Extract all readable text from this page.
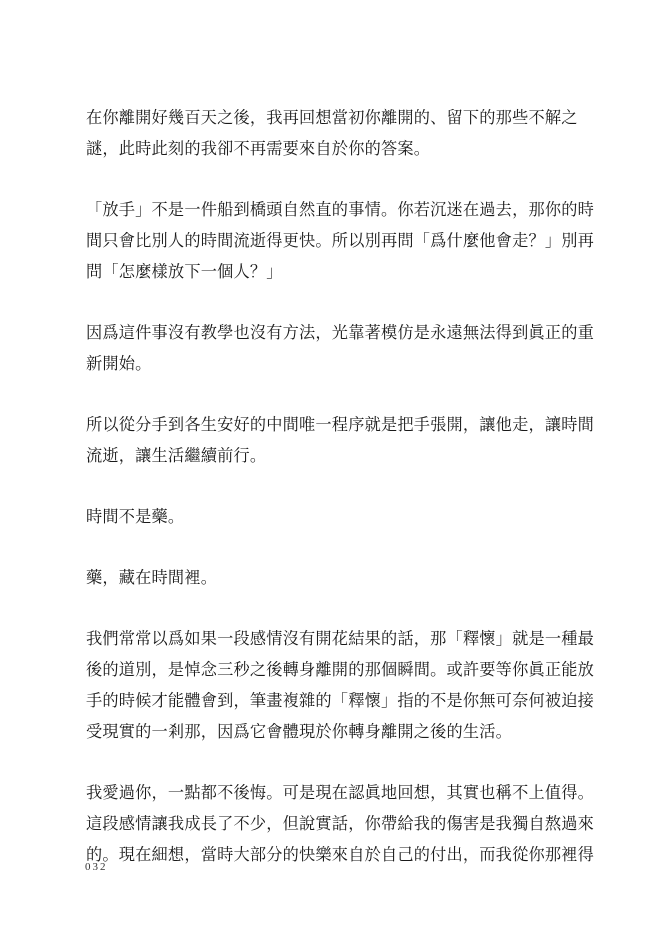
在你離開好幾百天之後，我再回想當初你離開的、留下的那些不解之
謎，此時此刻的我卻不再需要來自於你的答案。

「放手」不是一件船到橋頭自然直的事情。你若沉迷在過去，那你的時
間只會比別人的時間流逝得更快。所以別再問「爲什麼他會走？」別再
問「怎麼樣放下一個人？」

因爲這件事沒有教學也沒有方法，光靠著模仿是永遠無法得到眞正的重
新開始。

所以從分手到各生安好的中間唯一程序就是把手張開，讓他走，讓時間
流逝，讓生活繼續前行。

時間不是藥。

藥，藏在時間裡。

我們常常以爲如果一段感情沒有開花結果的話，那「釋懷」就是一種最
後的道別，是悼念三秒之後轉身離開的那個瞬間。或許要等你眞正能放
手的時候才能體會到，筆畫複雜的「釋懷」指的不是你無可奈何被迫接
受現實的一剎那，因爲它會體現於你轉身離開之後的生活。

我愛過你，一點都不後悔。可是現在認眞地回想，其實也稱不上值得。
這段感情讓我成長了不少，但說實話，你帶給我的傷害是我獨自熬過來
的。現在細想，當時大部分的快樂來自於自己的付出，而我從你那裡得

032
